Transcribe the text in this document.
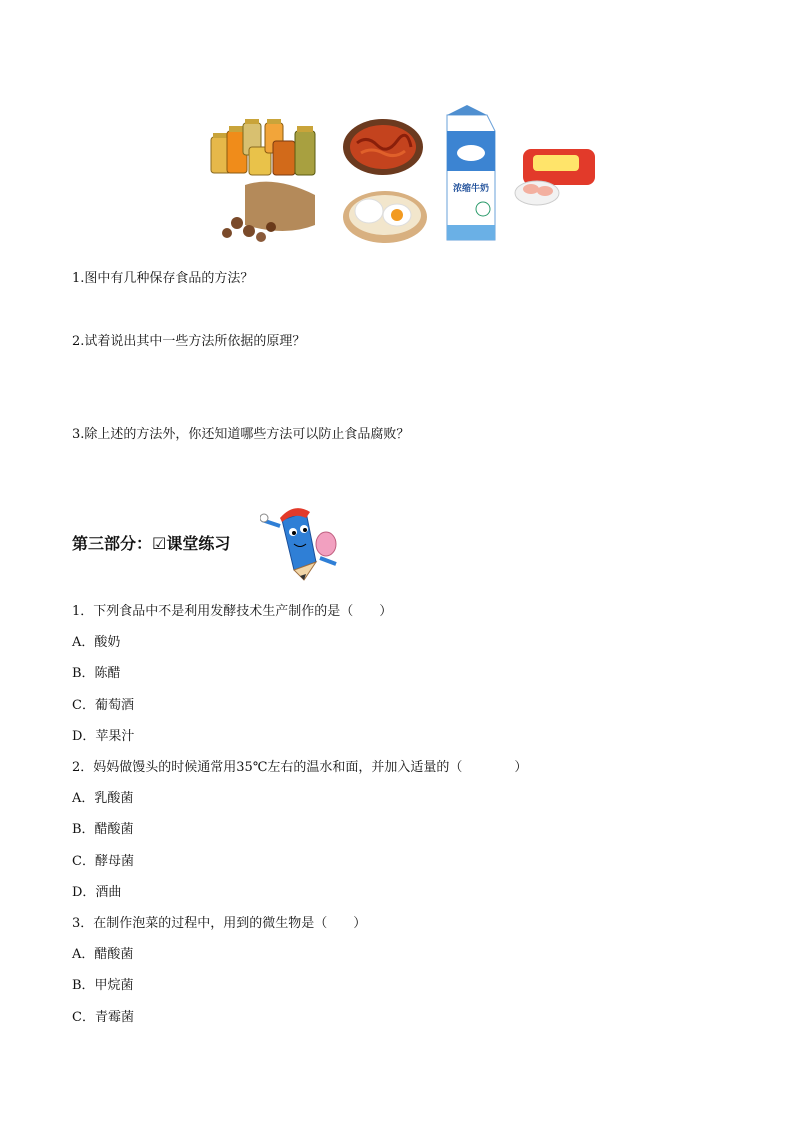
浓缩牛奶
1.图中有几种保存食品的方法？
2.试着说出其中一些方法所依据的原理？
3.除上述的方法外，你还知道哪些方法可以防止食品腐败？
第三部分：☑课堂练习
1．下列食品中不是利用发酵技术生产制作的是（　　）
A．酸奶
B．陈醋
C．葡萄酒
D．苹果汁
2．妈妈做馒头的时候通常用35℃左右的温水和面，并加入适量的（　　　　）
A．乳酸菌
B．醋酸菌
C．酵母菌
D．酒曲
3．在制作泡菜的过程中，用到的微生物是（　　）
A．醋酸菌
B．甲烷菌
C．青霉菌
